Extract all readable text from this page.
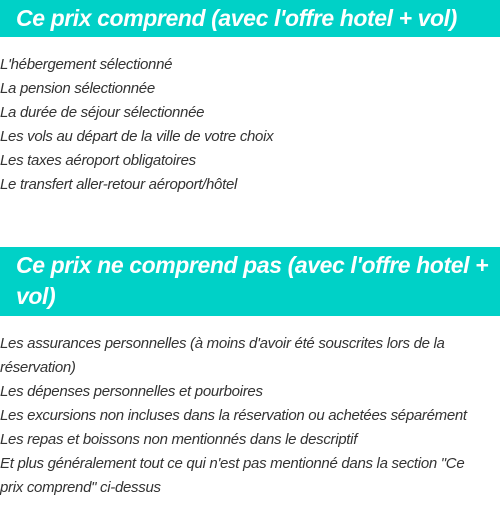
Ce prix comprend (avec l'offre hotel + vol)
L'hébergement sélectionné
La pension sélectionnée
La durée de séjour sélectionnée
Les vols au départ de la ville de votre choix
Les taxes aéroport obligatoires
Le transfert aller-retour aéroport/hôtel
Ce prix ne comprend pas (avec l'offre hotel + vol)
Les assurances personnelles (à moins d'avoir été souscrites lors de la réservation)
Les dépenses personnelles et pourboires
Les excursions non incluses dans la réservation ou achetées séparément
Les repas et boissons non mentionnés dans le descriptif
Et plus généralement tout ce qui n'est pas mentionné dans la section "Ce prix comprend" ci-dessus
